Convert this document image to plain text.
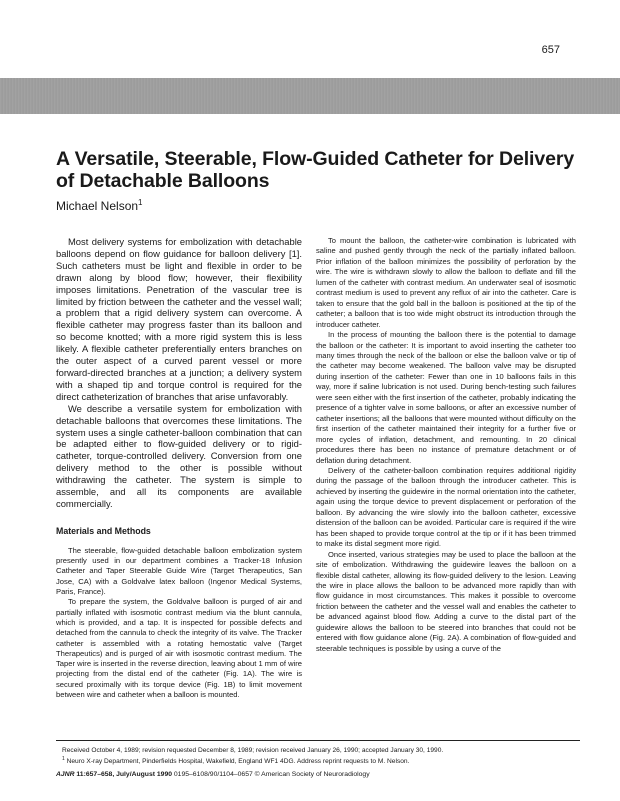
657
A Versatile, Steerable, Flow-Guided Catheter for Delivery of Detachable Balloons
Michael Nelson$^1$

Most delivery systems for embolization with detachable balloons depend on flow guidance for balloon delivery [1]. Such catheters must be light and flexible in order to be drawn along by blood flow; however, their flexibility imposes limitations. Penetration of the vascular tree is limited by friction between the catheter and the vessel wall; a problem that a rigid delivery system can overcome. A flexible catheter may progress faster than its balloon and so become knotted; with a more rigid system this is less likely. A flexible catheter preferentially enters branches on the outer aspect of a curved parent vessel or more forward-directed branches at a junction; a delivery system with a shaped tip and torque control is required for the direct catheterization of branches that arise unfavorably.

We describe a versatile system for embolization with detachable balloons that overcomes these limitations. The system uses a single catheter-balloon combination that can be adapted either to flow-guided delivery or to rigid-catheter, torque-controlled delivery. Conversion from one delivery method to the other is possible without withdrawing the catheter. The system is simple to assemble, and all its components are available commercially.

Materials and Methods

The steerable, flow-guided detachable balloon embolization system presently used in our department combines a Tracker-18 Infusion Catheter and Taper Steerable Guide Wire (Target Therapeutics, San Jose, CA) with a Goldvalve latex balloon (Ingenor Medical Systems, Paris, France).

To prepare the system, the Goldvalve balloon is purged of air and partially inflated with isosmotic contrast medium via the blunt cannula, which is provided, and a tap. It is inspected for possible defects and detached from the cannula to check the integrity of its valve. The Tracker catheter is assembled with a rotating hemostatic valve (Target Therapeutics) and is purged of air with isosmotic contrast medium. The Taper wire is inserted in the reverse direction, leaving about 1 mm of wire projecting from the distal end of the catheter (Fig. 1A). The wire is secured proximally with its torque device (Fig. 1B) to limit movement between wire and catheter when a balloon is mounted.

To mount the balloon, the catheter-wire combination is lubricated with saline and pushed gently through the neck of the partially inflated balloon. Prior inflation of the balloon minimizes the possibility of perforation by the wire. The wire is withdrawn slowly to allow the balloon to deflate and fill the lumen of the catheter with contrast medium. An underwater seal of isosmotic contrast medium is used to prevent any reflux of air into the catheter. Care is taken to ensure that the gold ball in the balloon is positioned at the tip of the catheter; a balloon that is too wide might obstruct its introduction through the introducer catheter.

In the process of mounting the balloon there is the potential to damage the balloon or the catheter: It is important to avoid inserting the catheter too many times through the neck of the balloon or else the balloon valve or tip of the catheter may become weakened. The balloon valve may be disrupted during insertion of the catheter: Fewer than one in 10 balloons fails in this way, more if saline lubrication is not used. During bench-testing such failures were seen either with the first insertion of the catheter, probably indicating the presence of a tighter valve in some balloons, or after an excessive number of catheter insertions; all the balloons that were mounted without difficulty on the first insertion of the catheter maintained their integrity for a further five or more cycles of inflation, detachment, and remounting. In 20 clinical procedures there has been no instance of premature detachment or of deflation during detachment.

Delivery of the catheter-balloon combination requires additional rigidity during the passage of the balloon through the introducer catheter. This is achieved by inserting the guidewire in the normal orientation into the catheter, again using the torque device to prevent displacement or perforation of the balloon. By advancing the wire slowly into the balloon catheter, excessive distension of the balloon can be avoided. Particular care is required if the wire has been shaped to provide torque control at the tip or if it has been trimmed to make its distal segment more rigid.

Once inserted, various strategies may be used to place the balloon at the site of embolization. Withdrawing the guidewire leaves the balloon on a flexible distal catheter, allowing its flow-guided delivery to the lesion. Leaving the wire in place allows the balloon to be advanced more rapidly than with flow guidance in most circumstances. This makes it possible to overcome friction between the catheter and the vessel wall and enables the catheter to be advanced against blood flow. Adding a curve to the distal part of the guidewire allows the balloon to be steered into branches that could not be entered with flow guidance alone (Fig. 2A). A combination of flow-guided and steerable techniques is possible by using a curve of the

Received October 4, 1989; revision requested December 8, 1989; revision received January 26, 1990; accepted January 30, 1990.
$^1$ Neuro X-ray Department, Pinderfields Hospital, Wakefield, England WF1 4DG. Address reprint requests to M. Nelson.
AJNR 11:657–658, July/August 1990 0195–6108/90/1104–0657 © American Society of Neuroradiology
